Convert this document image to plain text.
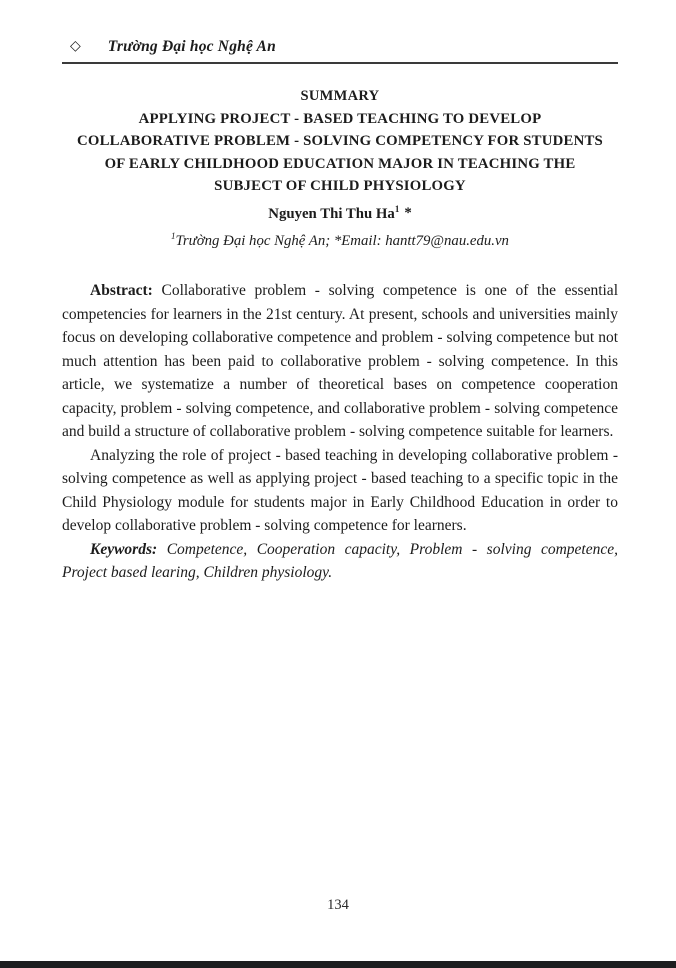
◇ Trường Đại học Nghệ An
SUMMARY
APPLYING PROJECT - BASED TEACHING TO DEVELOP
COLLABORATIVE PROBLEM - SOLVING COMPETENCY FOR STUDENTS
OF EARLY CHILDHOOD EDUCATION MAJOR IN TEACHING THE
SUBJECT OF CHILD PHYSIOLOGY
Nguyen Thi Thu Ha$^1$ *
$^1$Trường Đại học Nghệ An; *Email: hantt79@nau.edu.vn

Abstract: Collaborative problem - solving competence is one of the essential competencies for learners in the 21st century. At present, schools and universities mainly focus on developing collaborative competence and problem - solving competence but not much attention has been paid to collaborative problem - solving competence. In this article, we systematize a number of theoretical bases on competence cooperation capacity, problem - solving competence, and collaborative problem - solving competence and build a structure of collaborative problem - solving competence suitable for learners.

Analyzing the role of project - based teaching in developing collaborative problem - solving competence as well as applying project - based teaching to a specific topic in the Child Physiology module for students major in Early Childhood Education in order to develop collaborative problem - solving competence for learners.

Keywords: Competence, Cooperation capacity, Problem - solving competence, Project based learing, Children physiology.

134
